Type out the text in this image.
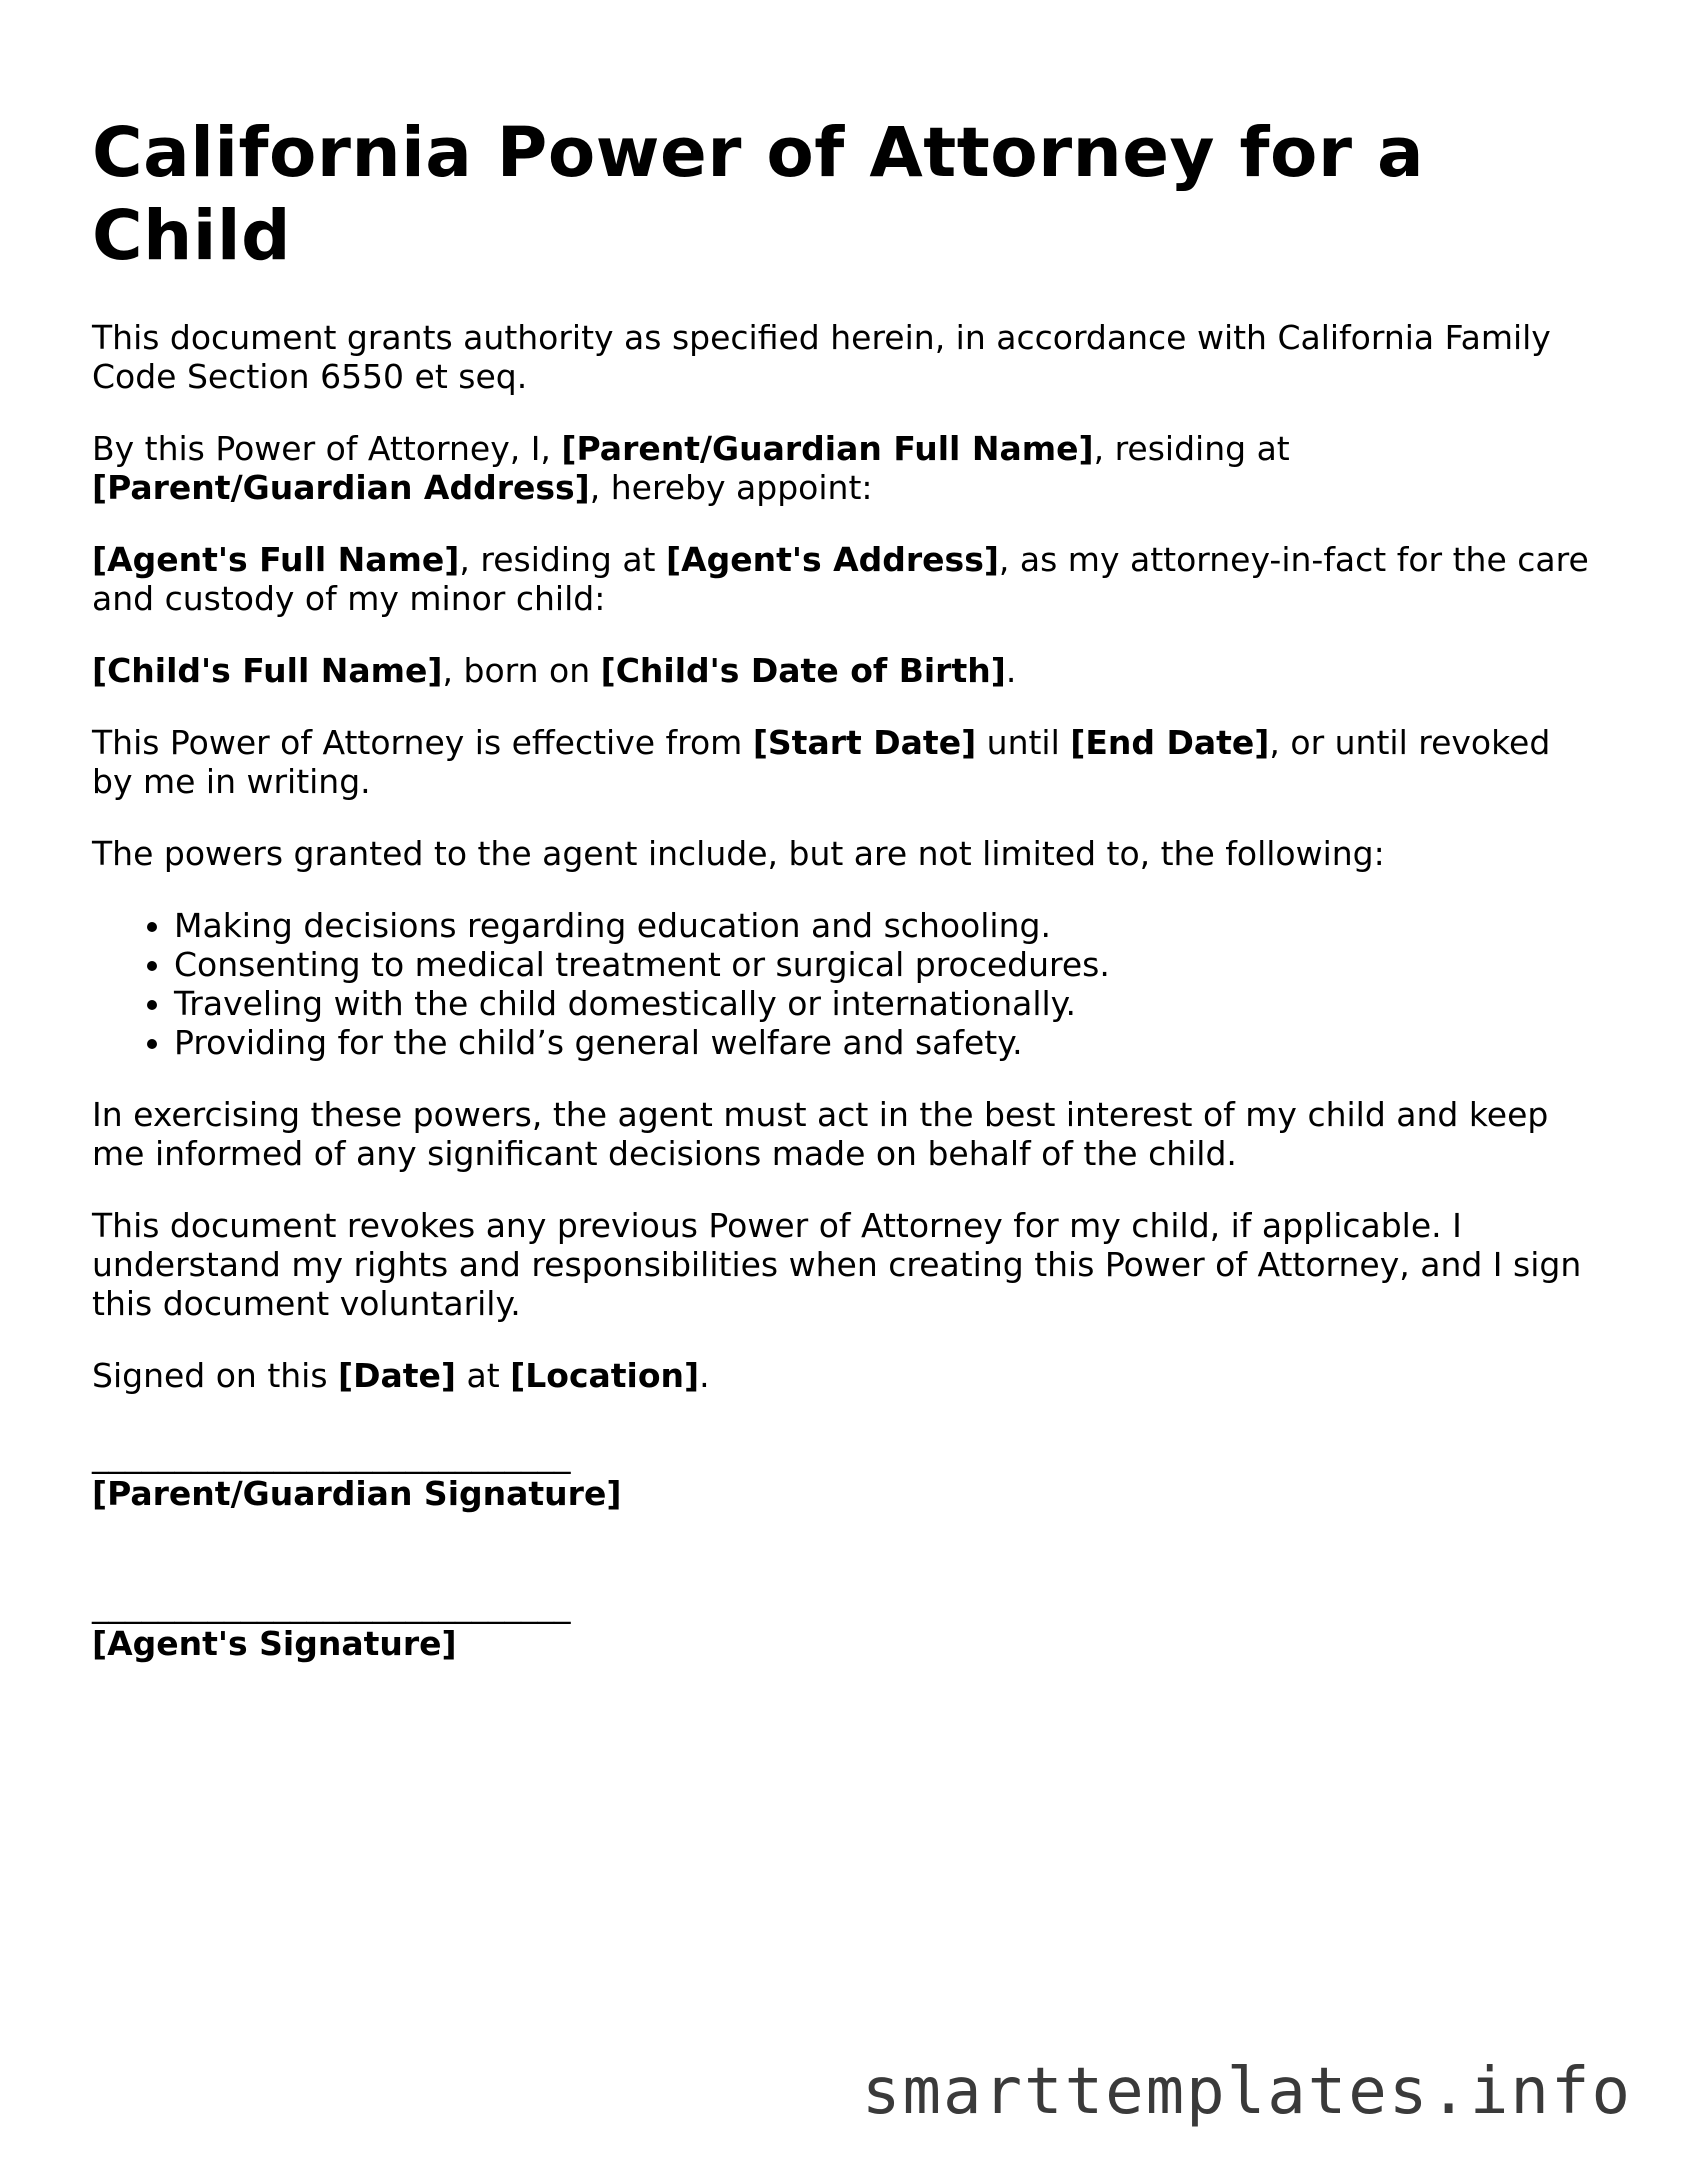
California Power of Attorney for a Child

This document grants authority as specified herein, in accordance with California Family Code Section 6550 et seq.

By this Power of Attorney, I, [Parent/Guardian Full Name], residing at
[Parent/Guardian Address], hereby appoint:

[Agent's Full Name], residing at [Agent's Address], as my attorney-in-fact for the care and custody of my minor child:

[Child's Full Name], born on [Child's Date of Birth].

This Power of Attorney is effective from [Start Date] until [End Date], or until revoked by me in writing.

The powers granted to the agent include, but are not limited to, the following:

• Making decisions regarding education and schooling.
• Consenting to medical treatment or surgical procedures.
• Traveling with the child domestically or internationally.
• Providing for the child’s general welfare and safety.

In exercising these powers, the agent must act in the best interest of my child and keep me informed of any significant decisions made on behalf of the child.

This document revokes any previous Power of Attorney for my child, if applicable. I understand my rights and responsibilities when creating this Power of Attorney, and I sign this document voluntarily.

Signed on this [Date] at [Location].

_____________________________
[Parent/Guardian Signature]
_____________________________
[Agent's Signature]
smarttemplates.info
